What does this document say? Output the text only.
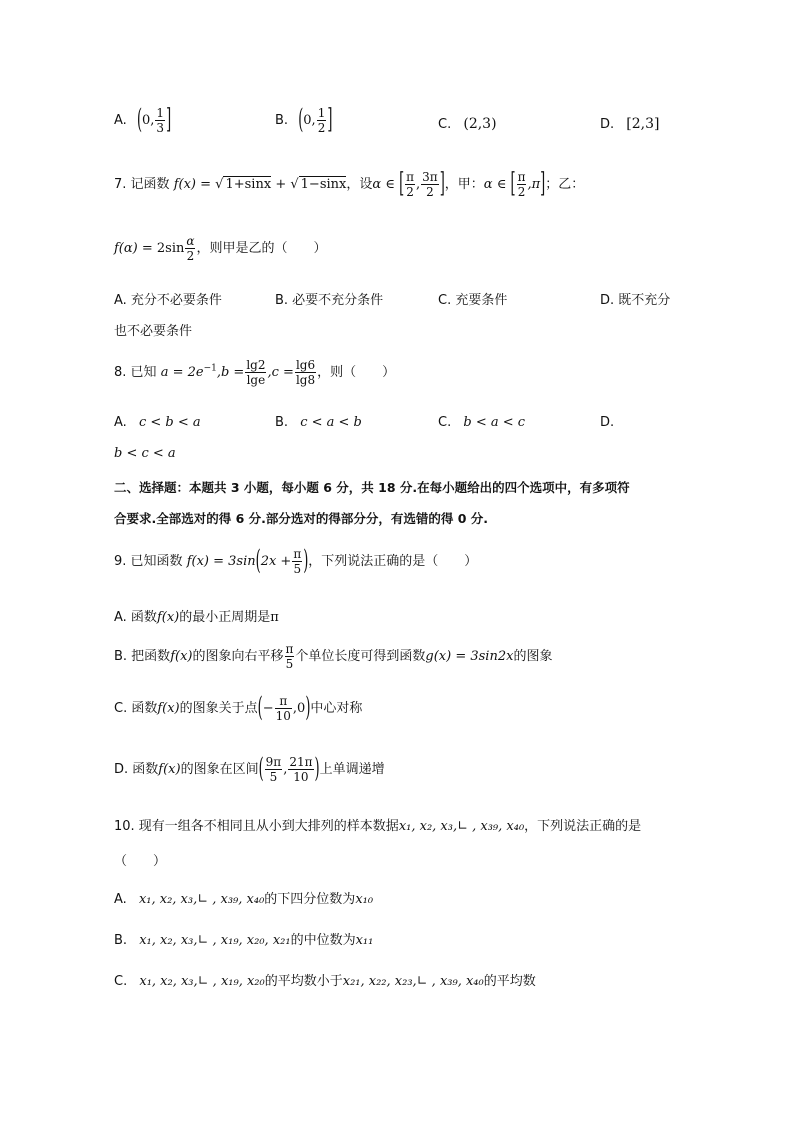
A. (0, $\frac{1}{3}$ ]	B. (0, $\frac{1}{2}$ ]	C. (2,3)	D. [2,3]
7. 记函数 f(x) = √ 1+sinx + √ 1−sinx，设α ∈ [ $\frac{\pi}{2}$ , $\frac{3\pi}{2}$ ]，甲：α ∈ [ $\frac{\pi}{2} ,\pi$]；乙：
$f(\alpha) = 2\sin \frac{\alpha}{2}$ ，则甲是乙的（　　）
A. 充分不必要条件	B. 必要不充分条件	C. 充要条件	D. 既不充分
也不必要条件
8. 已知 $a = 2e^{-1},b = \frac{\lg 2}{\lg e} ,c = \frac{\lg 6}{\lg 8}$ ，则（　　）
A. c < b < a	B. c < a < b	C. b < a < c	D.
b < c < a
二、选择题：本题共 3 小题，每小题 6 分，共 18 分.在每小题给出的四个选项中，有多项符
合要求.全部选对的得 6 分.部分选对的得部分分，有选错的得 0 分.
9. 已知函数 $f(x) = 3\sin(2x + \frac{\pi}{5}$ )，下列说法正确的是（　　）
A. 函数f(x)的最小正周期是π
B. 把函数f(x)的图象向右平移 $\frac{\pi}{5}$ 个单位长度可得到函数g(x) = 3sin2x的图象
C. 函数f(x)的图象关于点(− $\frac{\pi}{10} ,0$)中心对称
D. 函数f(x)的图象在区间( $\frac{9\pi}{5}$ , $\frac{21\pi}{10}$ )上单调递增
10. 现有一组各不相同且从小到大排列的样本数据x₁, x₂, x₃,∟ , x₃₉, x₄₀，下列说法正确的是
（　　）
A. x₁, x₂, x₃,∟ , x₃₉, x₄₀的下四分位数为x₁₀
B. x₁, x₂, x₃,∟ , x₁₉, x₂₀, x₂₁的中位数为x₁₁
C. x₁, x₂, x₃,∟ , x₁₉, x₂₀的平均数小于x₂₁, x₂₂, x₂₃,∟ , x₃₉, x₄₀的平均数
